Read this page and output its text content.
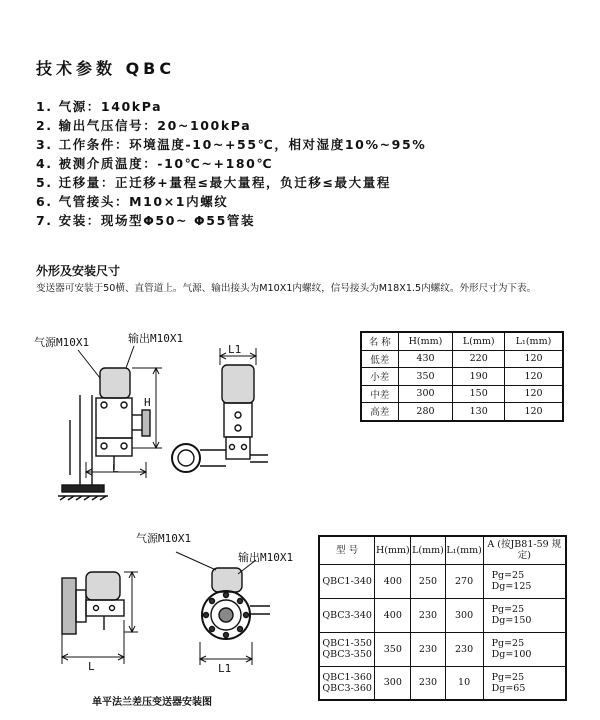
技术参数 QBC
1. 气源：140kPa
2. 输出气压信号：20~100kPa
3. 工作条件：环境温度-10~+55℃，相对湿度10%~95%
4. 被测介质温度：-10℃~+180℃
5. 迁移量：正迁移+量程≤最大量程，负迁移≤最大量程
6. 气管接头：M10×1内螺纹
7. 安装：现场型Φ50~ Φ55管装
外形及安装尺寸
变送器可安装于50横、直管道上。气源、输出接头为M10X1内螺纹，信号接头为M18X1.5内螺纹。外形尺寸为下表。
气源M10X1	输出M10X1
H
L
L1
气源M10X1
输出M10X1
L	L1
名 称	H(mm)	L(mm)	L₁(mm)
低差	430	220	120
小差	350	190	120
中差	300	150	120
高差	280	130	120
型 号	H(mm)	L(mm)	L₁(mm)	A (按JB81-59 规定)
QBC1-340	400	250	270	Pg=25
Dg=125

QBC3-340	400	230	300	Pg=25
Dg=150

QBC1-350 QBC3-350	350	230	230	Pg=25
Dg=100

QBC1-360 QBC3-360	300	230	10	Pg=25
Dg=65
单平法兰差压变送器安装图
